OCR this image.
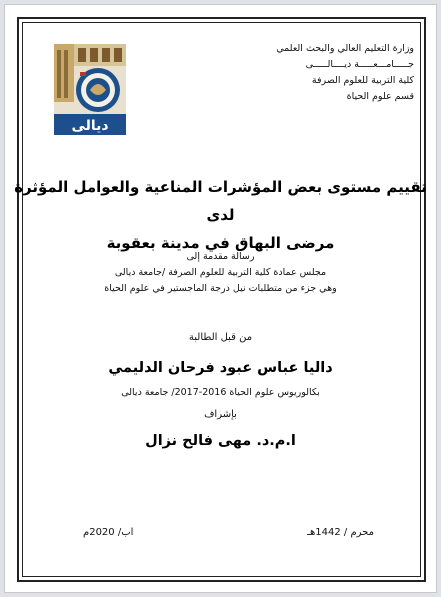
ديالى
وزارة التعليم العالي والبحث العلمي
جـــــامـــعـــــة ديــــالـــــى
كلية التربية للعلوم الصرفة
قسم علوم الحياة
تقييم مستوى بعض المؤشرات المناعية والعوامل المؤثرة لدى
مرضى البهاق في مدينة بعقوبة
رسالة مقدمة إلى
مجلس عمادة كلية التربية للعلوم الصرفة /جامعة ديالى
وهي جزء من متطلبات نيل درجة الماجستير في علوم الحياة
من قبل الطالبة
داليا عباس عبود فرحان الدليمي
بكالوريوس علوم الحياة 2016-2017/ جامعة ديالى
بإشراف
ا.م.د. مهى فالح نزال
محرم / 1442هـ
اب/ 2020م
